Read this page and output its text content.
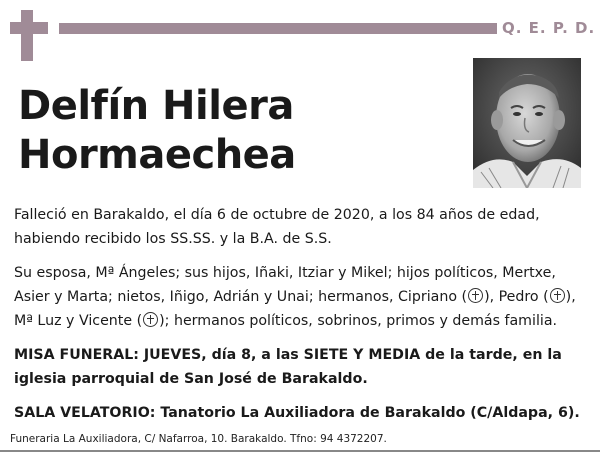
Q. E. P. D.
Delfín Hilera
Hormaechea
Falleció en Barakaldo, el día 6 de octubre de 2020, a los 84 años de edad, habiendo recibido los SS.SS. y la B.A. de S.S.
Su esposa, Mª Ángeles; sus hijos, Iñaki, Itziar y Mikel; hijos políticos, Mertxe, Asier y Marta; nietos, Iñigo, Adrián y Unai; hermanos, Cipriano ( ), Pedro ( ), Mª Luz y Vicente ( ); hermanos políticos, sobrinos, primos y demás familia.
MISA FUNERAL: JUEVES, día 8, a las SIETE Y MEDIA de la tarde, en la iglesia parroquial de San José de Barakaldo.
SALA VELATORIO: Tanatorio La Auxiliadora de Barakaldo (C/Aldapa, 6).
Funeraria La Auxiliadora, C/ Nafarroa, 10. Barakaldo. Tfno: 94 4372207.
